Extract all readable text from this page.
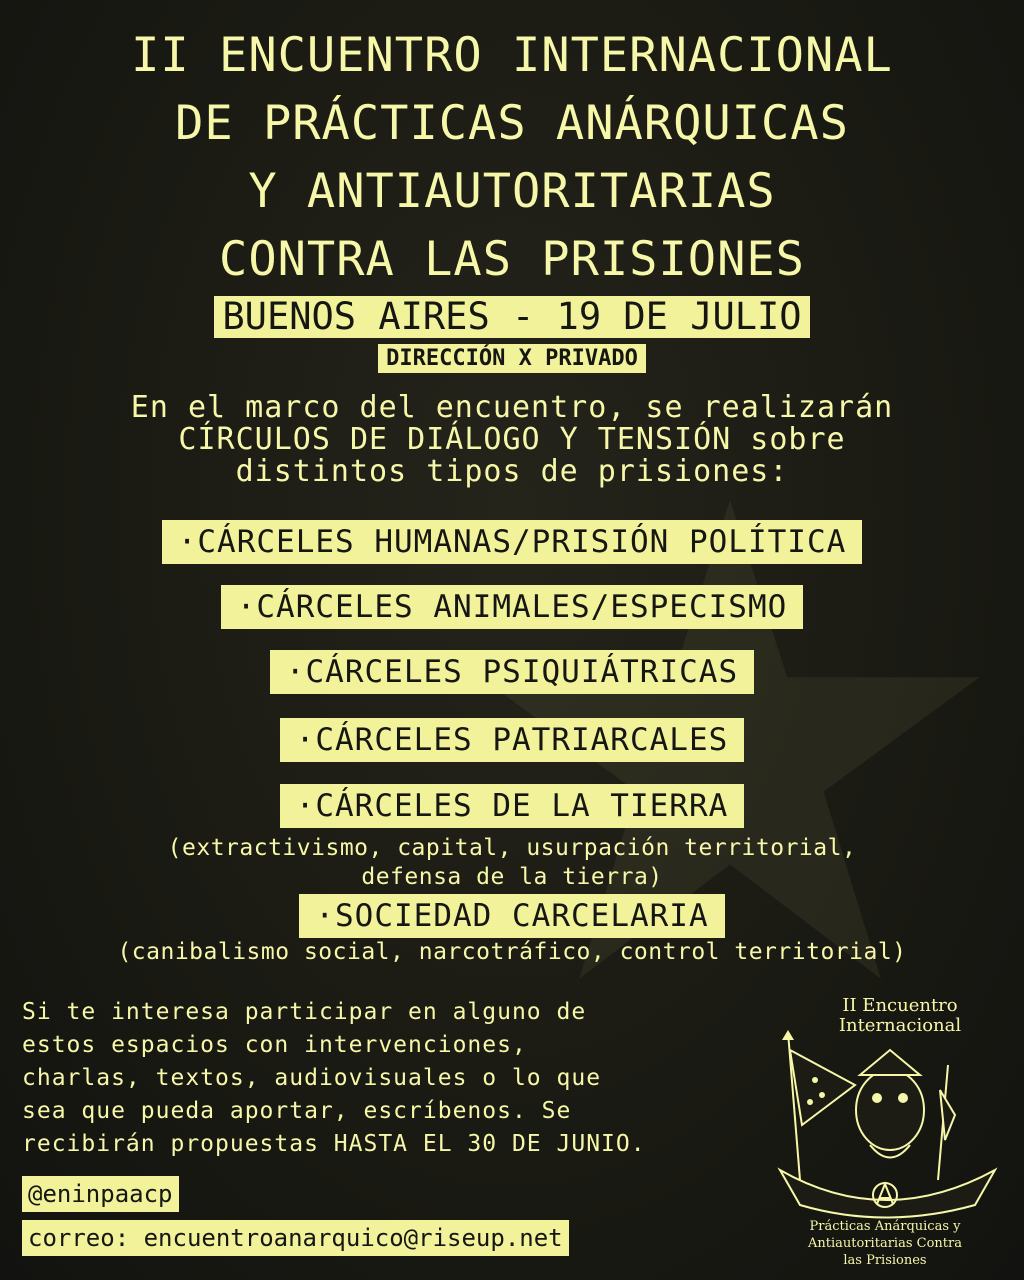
II ENCUENTRO INTERNACIONAL
DE PRÁCTICAS ANÁRQUICAS
Y ANTIAUTORITARIAS
CONTRA LAS PRISIONES
BUENOS AIRES - 19 DE JULIO
DIRECCIÓN X PRIVADO
En el marco del encuentro, se realizarán
CÍRCULOS DE DIÁLOGO Y TENSIÓN sobre
distintos tipos de prisiones:
·CÁRCELES HUMANAS/PRISIÓN POLÍTICA
·CÁRCELES ANIMALES/ESPECISMO
·CÁRCELES PSIQUIÁTRICAS
·CÁRCELES PATRIARCALES
·CÁRCELES DE LA TIERRA
(extractivismo, capital, usurpación territorial,
defensa de la tierra)
·SOCIEDAD CARCELARIA
(canibalismo social, narcotráfico, control territorial)
Si te interesa participar en alguno de
estos espacios con intervenciones,
charlas, textos, audiovisuales o lo que
sea que pueda aportar, escríbenos. Se
recibirán propuestas HASTA EL 30 DE JUNIO.
@eninpaacp
correo: encuentroanarquico@riseup.net
II Encuentro
Internacional
Prácticas Anárquicas y
Antiautoritarias Contra
las Prisiones
